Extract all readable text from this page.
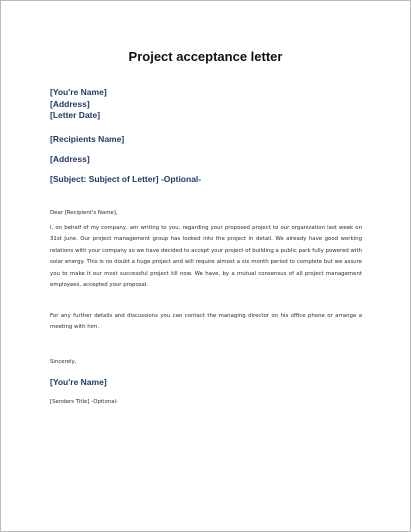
Project acceptance letter
[You're Name]
[Address]
[Letter Date]
[Recipients Name]
[Address]
[Subject: Subject of Letter] -Optional-
Dear [Recipient's Name],
I, on behalf of my company, am writing to you, regarding your proposed project to our organization last week on 31st June. Our project management group has looked into the project in detail. We already have good working relations with your company so we have decided to accept your project of building a public park fully powered with solar energy. This is no doubt a huge project and will require almost a six month period to complete but we assure you to make it our most successful project till now. We have, by a mutual consensus of all project management employees, accepted your proposal.
For any further details and discussions you can contact the managing director on his office phone or arrange a meeting with him.
Sincerely,
[You're Name]
[Senders Title] -Optional-
